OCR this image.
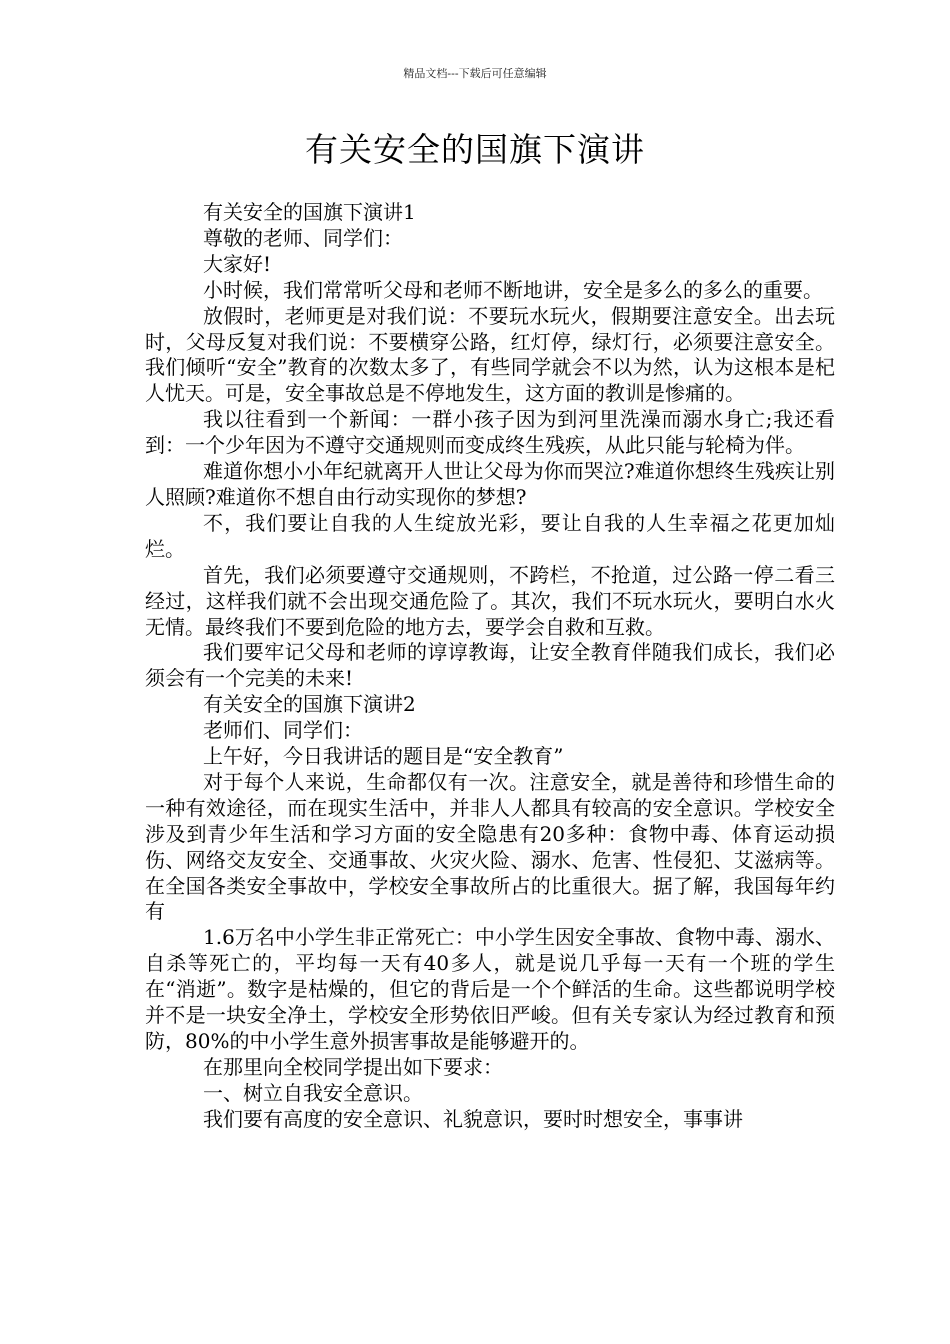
精品文档---下载后可任意编辑
有关安全的国旗下演讲

有关安全的国旗下演讲1

尊敬的老师、同学们：

大家好!

小时候，我们常常听父母和老师不断地讲，安全是多么的多么的重要。

放假时，老师更是对我们说：不要玩水玩火，假期要注意安全。出去玩时，父母反复对我们说：不要横穿公路，红灯停，绿灯行，必须要注意安全。我们倾听“安全”教育的次数太多了，有些同学就会不以为然，认为这根本是杞人忧天。可是，安全事故总是不停地发生，这方面的教训是惨痛的。

我以往看到一个新闻：一群小孩子因为到河里洗澡而溺水身亡;我还看到：一个少年因为不遵守交通规则而变成终生残疾，从此只能与轮椅为伴。

难道你想小小年纪就离开人世让父母为你而哭泣?难道你想终生残疾让别人照顾?难道你不想自由行动实现你的梦想?

不，我们要让自我的人生绽放光彩，要让自我的人生幸福之花更加灿烂。

首先，我们必须要遵守交通规则，不跨栏，不抢道，过公路一停二看三经过，这样我们就不会出现交通危险了。其次，我们不玩水玩火，要明白水火无情。最终我们不要到危险的地方去，要学会自救和互救。

我们要牢记父母和老师的谆谆教诲，让安全教育伴随我们成长，我们必须会有一个完美的未来!

有关安全的国旗下演讲2

老师们、同学们：

上午好，今日我讲话的题目是“安全教育”

对于每个人来说，生命都仅有一次。注意安全，就是善待和珍惜生命的一种有效途径，而在现实生活中，并非人人都具有较高的安全意识。学校安全涉及到青少年生活和学习方面的安全隐患有20多种：食物中毒、体育运动损伤、网络交友安全、交通事故、火灾火险、溺水、危害、性侵犯、艾滋病等。在全国各类安全事故中，学校安全事故所占的比重很大。据了解，我国每年约有

1.6万名中小学生非正常死亡：中小学生因安全事故、食物中毒、溺水、自杀等死亡的，平均每一天有40多人，就是说几乎每一天有一个班的学生在“消逝”。数字是枯燥的，但它的背后是一个个鲜活的生命。这些都说明学校并不是一块安全净土，学校安全形势依旧严峻。但有关专家认为经过教育和预防，80%的中小学生意外损害事故是能够避开的。

在那里向全校同学提出如下要求：

一、树立自我安全意识。

我们要有高度的安全意识、礼貌意识，要时时想安全，事事讲
